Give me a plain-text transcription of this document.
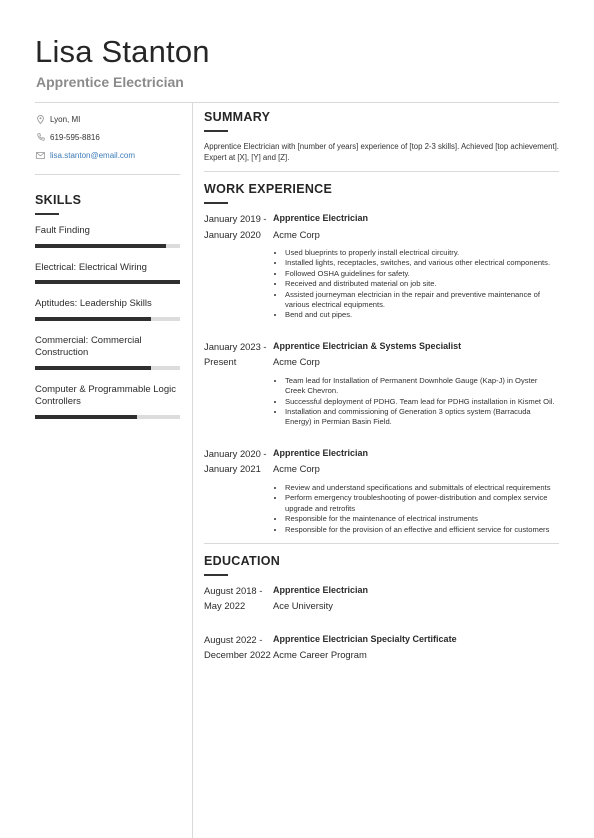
Lisa Stanton
Apprentice Electrician
Lyon, MI
619-595-8816
lisa.stanton@email.com
SKILLS
Fault Finding
Electrical: Electrical Wiring
Aptitudes: Leadership Skills
Commercial: Commercial Construction
Computer & Programmable Logic Controllers
SUMMARY
Apprentice Electrician with [number of years] experience of [top 2-3 skills]. Achieved [top achievement]. Expert at [X], [Y] and [Z].
WORK EXPERIENCE
January 2019 - January 2020
Apprentice Electrician
Acme Corp
• Used blueprints to properly install electrical circuitry.
• Installed lights, receptacles, switches, and various other electrical components.
• Followed OSHA guidelines for safety.
• Received and distributed material on job site.
• Assisted journeyman electrician in the repair and preventive maintenance of various electrical equipments.
• Bend and cut pipes.
January 2023 - Present
Apprentice Electrician & Systems Specialist
Acme Corp
• Team lead for Installation of Permanent Downhole Gauge (Kap-J) in Oyster Creek Chevron.
• Successful deployment of PDHG. Team lead for PDHG installation in Kismet Oil.
• Installation and commissioning of Generation 3 optics system (Barracuda Energy) in Permian Basin Field.
January 2020 - January 2021
Apprentice Electrician
Acme Corp
• Review and understand specifications and submittals of electrical requirements
• Perform emergency troubleshooting of power-distribution and complex service upgrade and retrofits
• Responsible for the maintenance of electrical instruments
• Responsible for the provision of an effective and efficient service for customers
EDUCATION
August 2018 - May 2022
Apprentice Electrician
Ace University
August 2022 - December 2022
Apprentice Electrician Specialty Certificate
Acme Career Program
